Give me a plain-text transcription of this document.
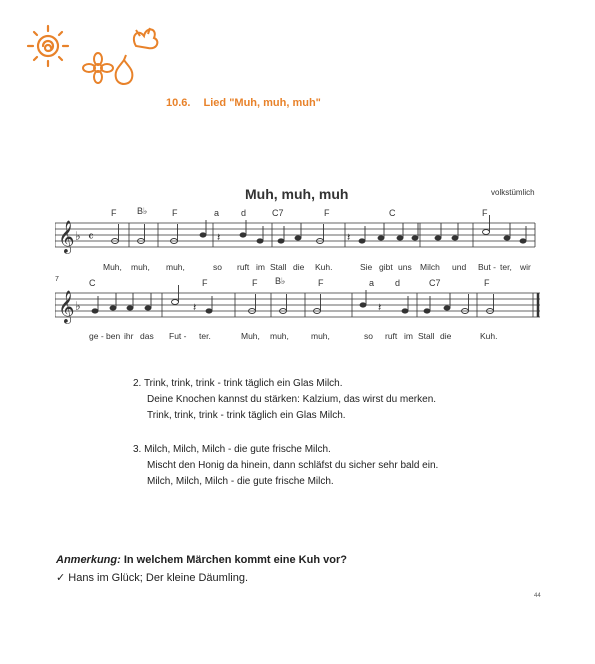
10.6. Lied "Muh, muh, muh"
Muh, muh, muh	volkstümlich
F B♭	F	a d	C7	F	C	F
𝄞 ♭ 𝄴	𝄽	𝄽
Muh, muh, muh,	so ruft im Stall die Kuh.	Sie gibt uns Milch und But - ter, wir
7	C	F	F B♭	F	a d	C7	F
𝄞 ♭	𝄽	𝄽
ge - ben ihr das Fut - ter.	Muh, muh,	muh,	so ruft im Stall die	Kuh.
2. Trink, trink, trink - trink täglich ein Glas Milch.
Deine Knochen kannst du stärken: Kalzium, das wirst du merken.
Trink, trink, trink - trink täglich ein Glas Milch.
3. Milch, Milch, Milch - die gute frische Milch.
Mischt den Honig da hinein, dann schläfst du sicher sehr bald ein.
Milch, Milch, Milch - die gute frische Milch.
Anmerkung: In welchem Märchen kommt eine Kuh vor?
✓ Hans im Glück; Der kleine Däumling.
44
